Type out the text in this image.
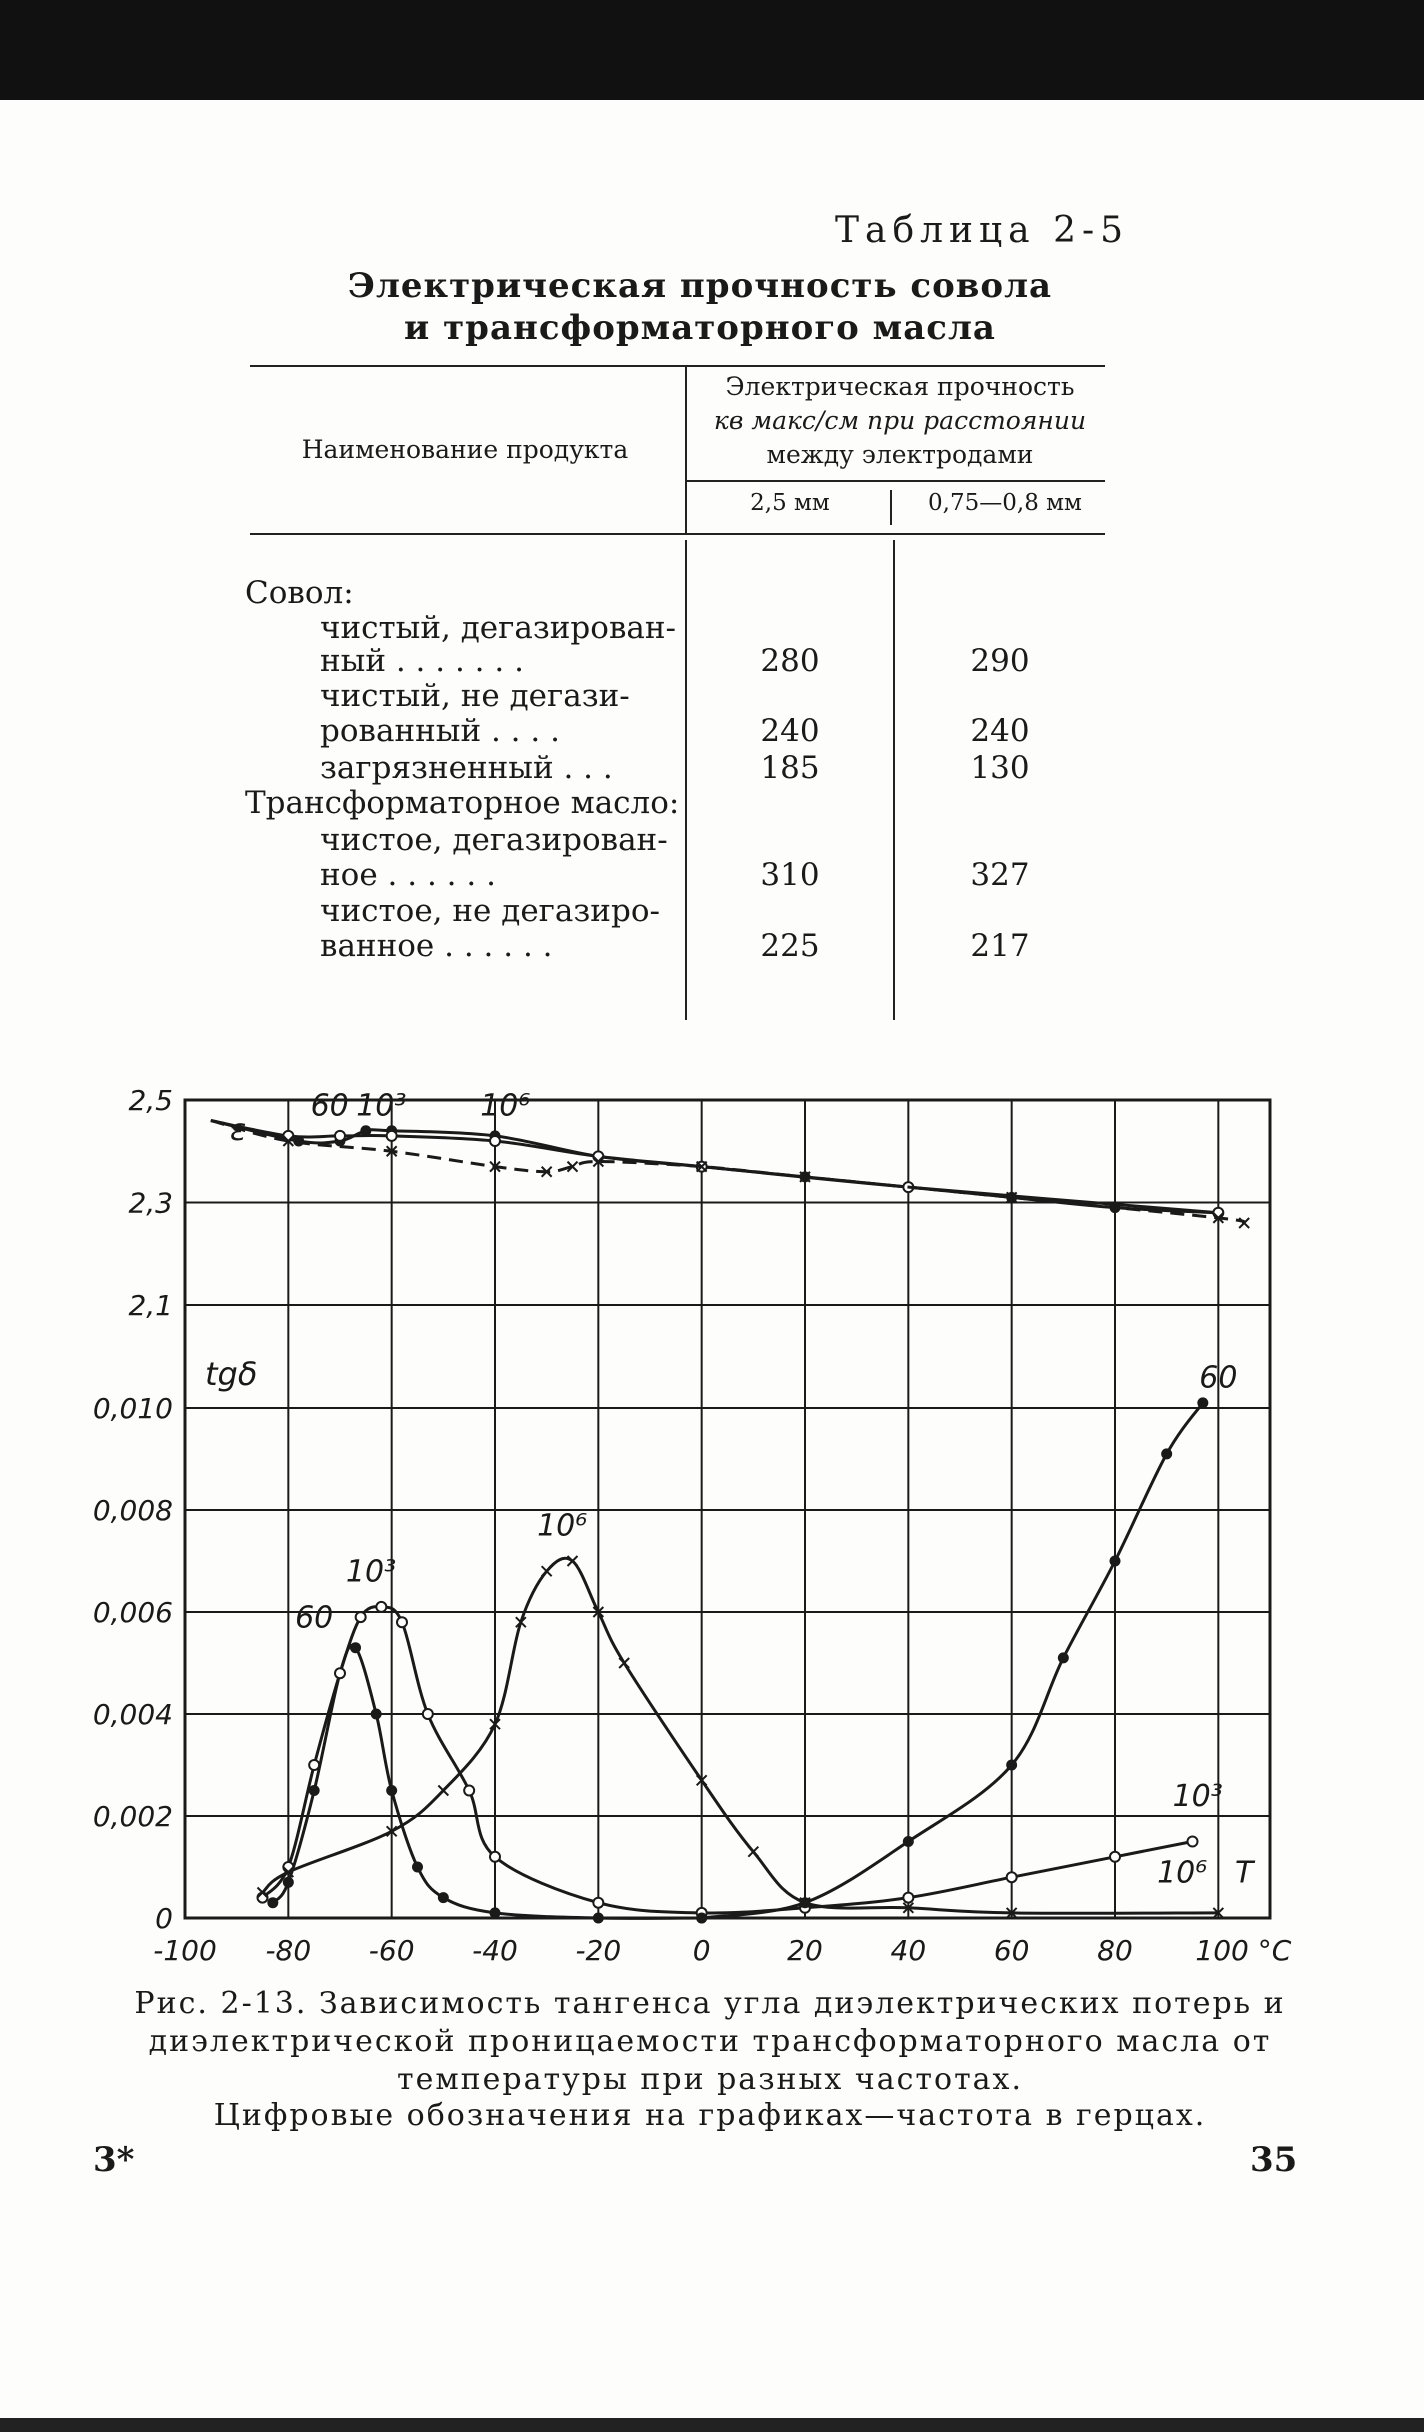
Таблица 2-5
Электрическая прочность совола
и трансформаторного масла
Наименование продукта
Электрическая прочность
кв макс/см при расстоянии
между электродами
2,5 мм	0,75—0,8 мм
Совол:
чистый, дегазирован-
ный . . . . . . .	280	290
чистый, не дегази-
рованный . . . .	240	240
загрязненный . . .	185	130
Трансформаторное масло:
чистое, дегазирован-
ное . . . . . .	310	327
чистое, не дегазиро-
ванное . . . . . .	225	217
2,5
2,3
2,1
0,010
0,008
0,006
0,004
0,002
0
-100 -80 -60 -40 -20	0	20 40 60 80 100 °C
ε
tgδ
60 10³ 10⁶
60
10³
10⁶
60
10³
10⁶ T
Рис. 2-13. Зависимость тангенса угла диэлектрических потерь и
диэлектрической проницаемости трансформаторного масла от
температуры при разных частотах.
Цифровые обозначения на графиках—частота в герцах.
3*	35
